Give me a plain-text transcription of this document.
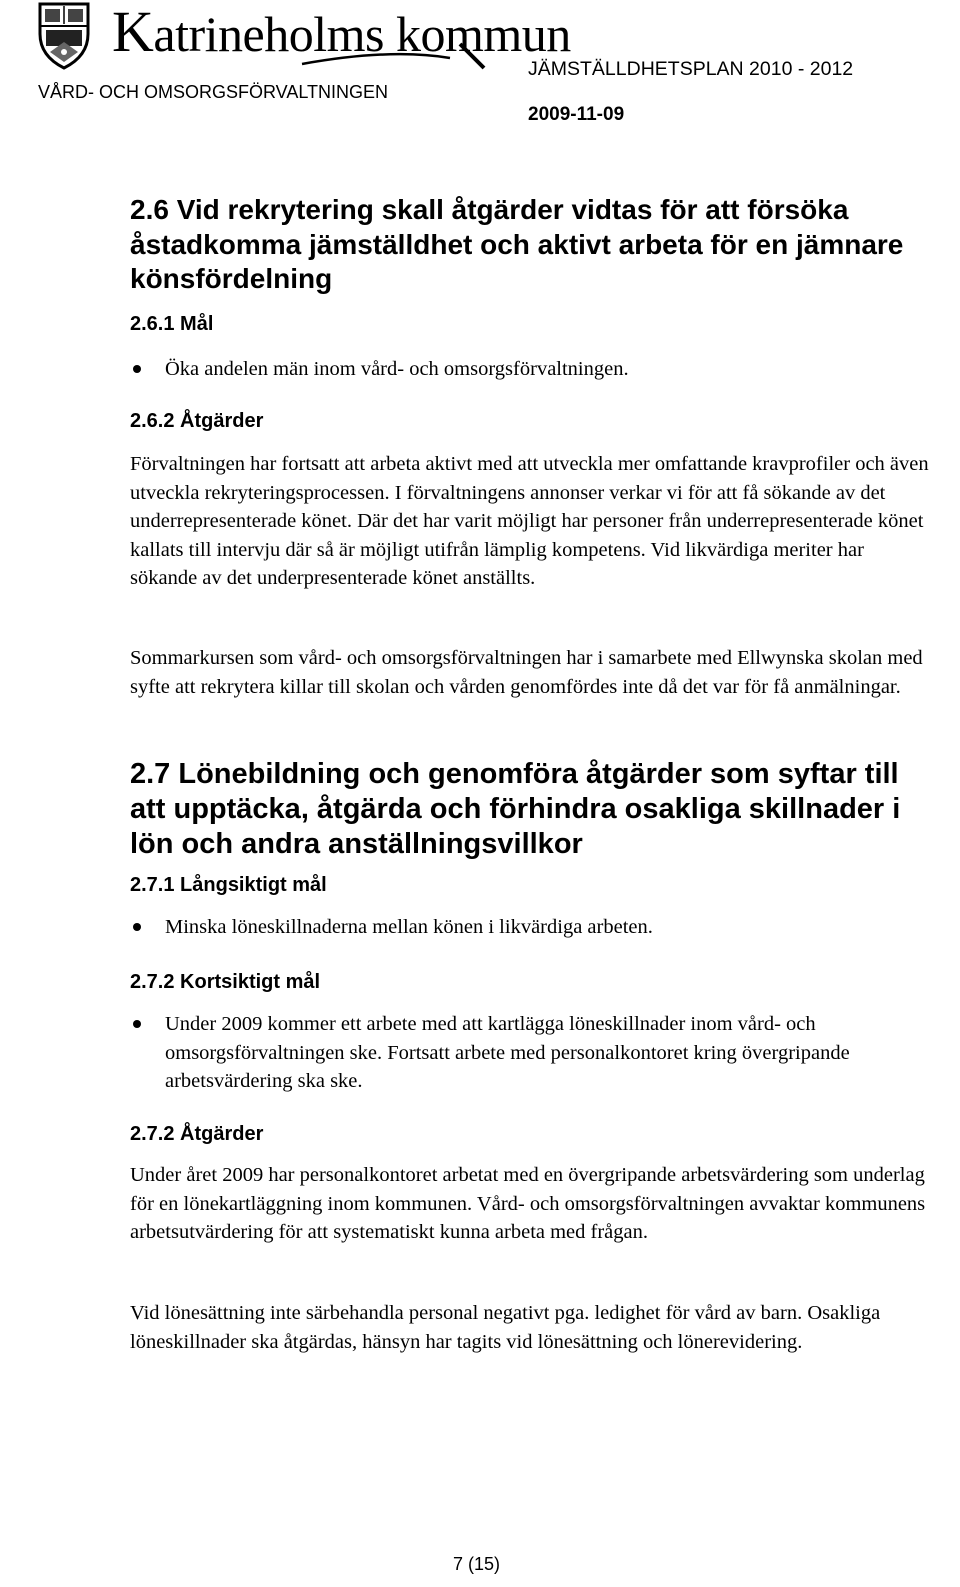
Katrineholms kommun
VÅRD- OCH OMSORGSFÖRVALTNINGEN
JÄMSTÄLLDHETSPLAN 2010 - 2012
2009-11-09
2.6 Vid rekrytering skall åtgärder vidtas för att försöka åstadkomma jämställdhet och aktivt arbeta för en jämnare könsfördelning
2.6.1 Mål

Öka andelen män inom vård- och omsorgsförvaltningen.

2.6.2 Åtgärder

Förvaltningen har fortsatt att arbeta aktivt med att utveckla mer omfattande kravprofiler och även utveckla rekryteringsprocessen. I förvaltningens annonser verkar vi för att få sökande av det underrepresenterade könet. Där det har varit möjligt har personer från underrepresenterade könet kallats till intervju där så är möjligt utifrån lämplig kompetens. Vid likvärdiga meriter har sökande av det underpresenterade könet anställts.

Sommarkursen som vård- och omsorgsförvaltningen har i samarbete med Ellwynska skolan med syfte att rekrytera killar till skolan och vården genomfördes inte då det var för få anmälningar.

2.7 Lönebildning och genomföra åtgärder som syftar till att upptäcka, åtgärda och förhindra osakliga skillnader i lön och andra anställningsvillkor
2.7.1 Långsiktigt mål

Minska löneskillnaderna mellan könen i likvärdiga arbeten.

2.7.2 Kortsiktigt mål

Under 2009 kommer ett arbete med att kartlägga löneskillnader inom vård- och omsorgsförvaltningen ske. Fortsatt arbete med personalkontoret kring övergripande arbetsvärdering ska ske.

2.7.2 Åtgärder

Under året 2009 har personalkontoret arbetat med en övergripande arbetsvärdering som underlag för en lönekartläggning inom kommunen. Vård- och omsorgsförvaltningen avvaktar kommunens arbetsutvärdering för att systematiskt kunna arbeta med frågan.

Vid lönesättning inte särbehandla personal negativt pga. ledighet för vård av barn. Osakliga löneskillnader ska åtgärdas, hänsyn har tagits vid lönesättning och lönerevidering.

7 (15)
